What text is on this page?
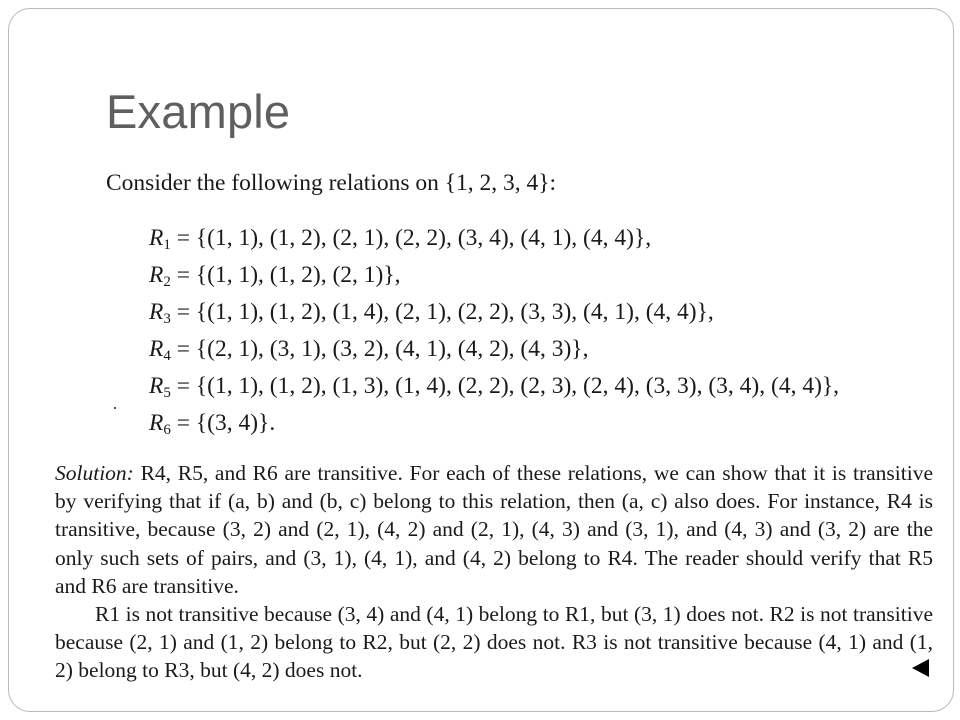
Example
Consider the following relations on {1, 2, 3, 4}:
$R_1 = \{(1$, 1), (1, 2), (2, 1), (2, 2), (3, 4), (4, 1), (4, 4)},
$R_2 = \{(1$, 1), (1, 2), (2, 1)},
$R_3 = \{(1$, 1), (1, 2), (1, 4), (2, 1), (2, 2), (3, 3), (4, 1), (4, 4)},
$R_4 = \{(2$, 1), (3, 1), (3, 2), (4, 1), (4, 2), (4, 3)},
$R_5 = \{(1$, 1), (1, 2), (1, 3), (1, 4), (2, 2), (2, 3), (2, 4), (3, 3), (3, 4), (4, 4)},
$R_6 = \{(3$, 4)}.

Solution: R4, R5, and R6 are transitive. For each of these relations, we can show that it is transitive by verifying that if (a, b) and (b, c) belong to this relation, then (a, c) also does. For instance, R4 is transitive, because (3, 2) and (2, 1), (4, 2) and (2, 1), (4, 3) and (3, 1), and (4, 3) and (3, 2) are the only such sets of pairs, and (3, 1), (4, 1), and (4, 2) belong to R4. The reader should verify that R5 and R6 are transitive.

R1 is not transitive because (3, 4) and (4, 1) belong to R1, but (3, 1) does not. R2 is not transitive because (2, 1) and (1, 2) belong to R2, but (2, 2) does not. R3 is not transitive because (4, 1) and (1, 2) belong to R3, but (4, 2) does not.
